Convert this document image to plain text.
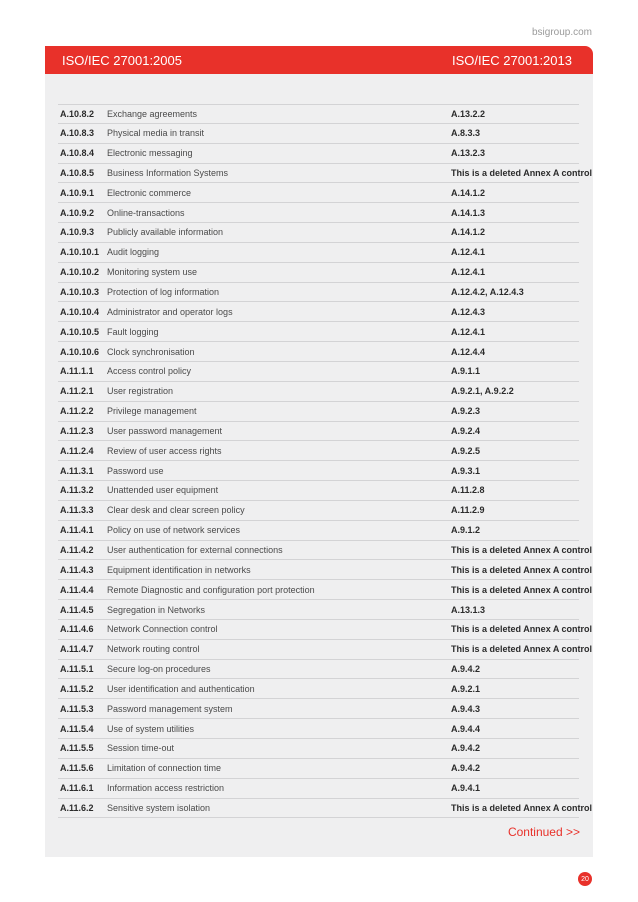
bsigroup.com
ISO/IEC 27001:2005	ISO/IEC 27001:2013
A.10.8.2 Exchange agreements	A.13.2.2
A.10.8.3 Physical media in transit	A.8.3.3
A.10.8.4 Electronic messaging	A.13.2.3
A.10.8.5 Business Information Systems	This is a deleted Annex A control
A.10.9.1 Electronic commerce	A.14.1.2
A.10.9.2 Online-transactions	A.14.1.3
A.10.9.3 Publicly available information	A.14.1.2
A.10.10.1 Audit logging	A.12.4.1
A.10.10.2 Monitoring system use	A.12.4.1
A.10.10.3 Protection of log information	A.12.4.2, A.12.4.3
A.10.10.4 Administrator and operator logs	A.12.4.3
A.10.10.5 Fault logging	A.12.4.1
A.10.10.6 Clock synchronisation	A.12.4.4
A.11.1.1 Access control policy	A.9.1.1
A.11.2.1 User registration	A.9.2.1, A.9.2.2
A.11.2.2 Privilege management	A.9.2.3
A.11.2.3 User password management	A.9.2.4
A.11.2.4 Review of user access rights	A.9.2.5
A.11.3.1 Password use	A.9.3.1
A.11.3.2 Unattended user equipment	A.11.2.8
A.11.3.3 Clear desk and clear screen policy	A.11.2.9
A.11.4.1 Policy on use of network services	A.9.1.2
A.11.4.2 User authentication for external connections	This is a deleted Annex A control
A.11.4.3 Equipment identification in networks	This is a deleted Annex A control
A.11.4.4 Remote Diagnostic and configuration port protection	This is a deleted Annex A control
A.11.4.5 Segregation in Networks	A.13.1.3
A.11.4.6 Network Connection control	This is a deleted Annex A control
A.11.4.7 Network routing control	This is a deleted Annex A control
A.11.5.1 Secure log-on procedures	A.9.4.2
A.11.5.2 User identification and authentication	A.9.2.1
A.11.5.3 Password management system	A.9.4.3
A.11.5.4 Use of system utilities	A.9.4.4
A.11.5.5 Session time-out	A.9.4.2
A.11.5.6 Limitation of connection time	A.9.4.2
A.11.6.1 Information access restriction	A.9.4.1
A.11.6.2 Sensitive system isolation	This is a deleted Annex A control
Continued >>
20
